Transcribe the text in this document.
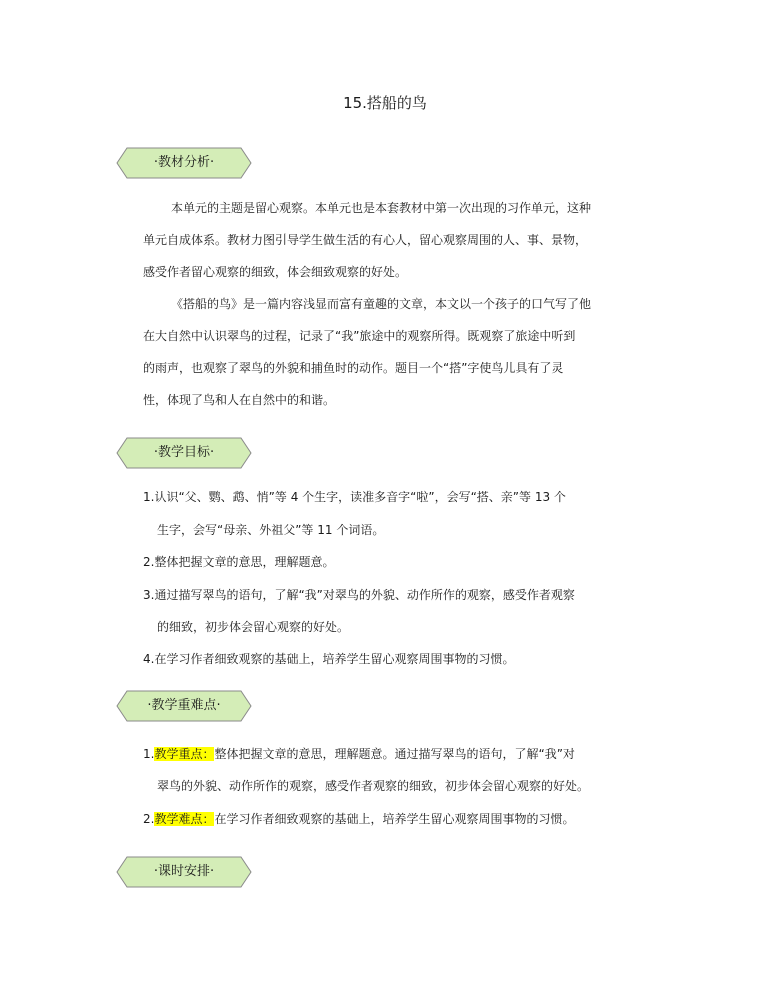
15.搭船的鸟
·教材分析·
本单元的主题是留心观察。本单元也是本套教材中第一次出现的习作单元，这种
单元自成体系。教材力图引导学生做生活的有心人，留心观察周围的人、事、景物，
感受作者留心观察的细致，体会细致观察的好处。
《搭船的鸟》是一篇内容浅显而富有童趣的文章，本文以一个孩子的口气写了他
在大自然中认识翠鸟的过程，记录了“我”旅途中的观察所得。既观察了旅途中听到
的雨声，也观察了翠鸟的外貌和捕鱼时的动作。题目一个“搭”字使鸟儿具有了灵
性，体现了鸟和人在自然中的和谐。
·教学目标·
1.认识“父、鹦、鹉、悄”等 4 个生字，读准多音字“啦”，会写“搭、亲”等 13 个
生字，会写“母亲、外祖父”等 11 个词语。
2.整体把握文章的意思，理解题意。
3.通过描写翠鸟的语句，了解“我”对翠鸟的外貌、动作所作的观察，感受作者观察
的细致，初步体会留心观察的好处。
4.在学习作者细致观察的基础上，培养学生留心观察周围事物的习惯。
·教学重难点·
1.教学重点：整体把握文章的意思，理解题意。通过描写翠鸟的语句，了解“我”对
翠鸟的外貌、动作所作的观察，感受作者观察的细致，初步体会留心观察的好处。
2.教学难点：在学习作者细致观察的基础上，培养学生留心观察周围事物的习惯。
·课时安排·
